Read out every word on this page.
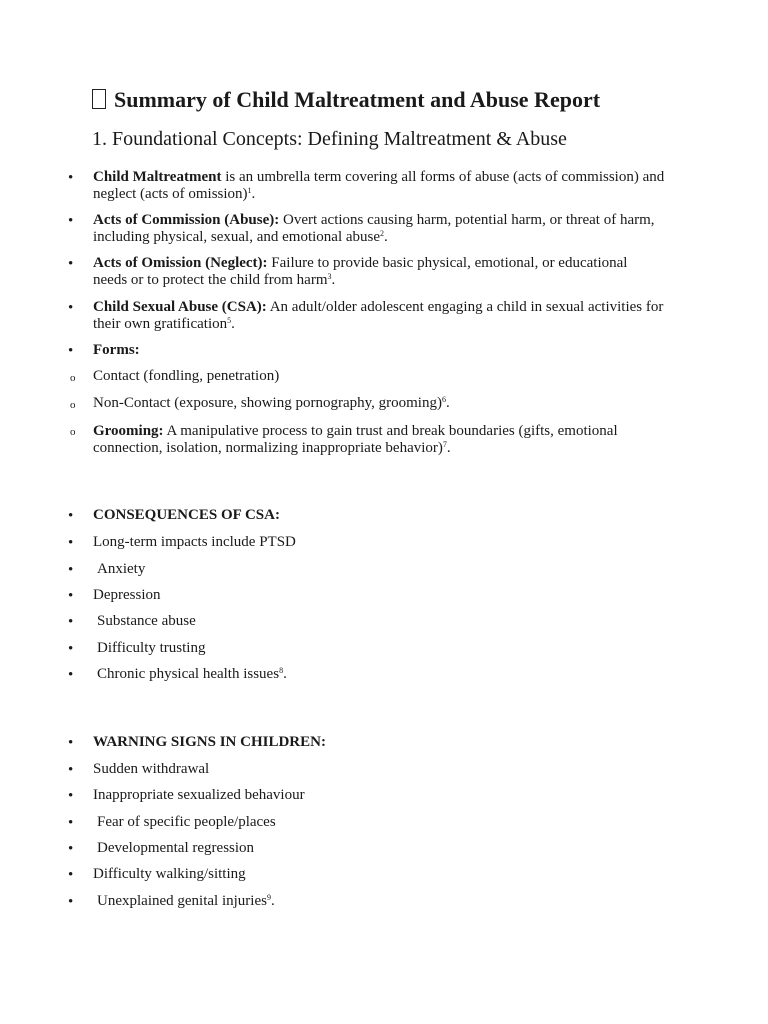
Summary of Child Maltreatment and Abuse Report
1. Foundational Concepts: Defining Maltreatment & Abuse
•
Child Maltreatment is an umbrella term covering all forms of abuse (acts of commission) and neglect (acts of omission)$^1$.
•
Acts of Commission (Abuse): Overt actions causing harm, potential harm, or threat of harm, including physical, sexual, and emotional abuse$^2$.
•
Acts of Omission (Neglect): Failure to provide basic physical, emotional, or educational needs or to protect the child from harm$^3$.
•
Child Sexual Abuse (CSA): An adult/older adolescent engaging a child in sexual activities for their own gratification$^5$.
•
Forms:
o Contact (fondling, penetration)
o Non-Contact (exposure, showing pornography, grooming)$^6$.
o Grooming: A manipulative process to gain trust and break boundaries (gifts, emotional connection, isolation, normalizing inappropriate behavior)$^7$.
•
CONSEQUENCES OF CSA:
•
Long-term impacts include PTSD
•
Anxiety
•
Depression
•
Substance abuse
•
Difficulty trusting
•
Chronic physical health issues$^8$.
•
WARNING SIGNS IN CHILDREN:
•
Sudden withdrawal
•
Inappropriate sexualized behaviour
•
Fear of specific people/places
•
Developmental regression
•
Difficulty walking/sitting
•
Unexplained genital injuries$^9$.
